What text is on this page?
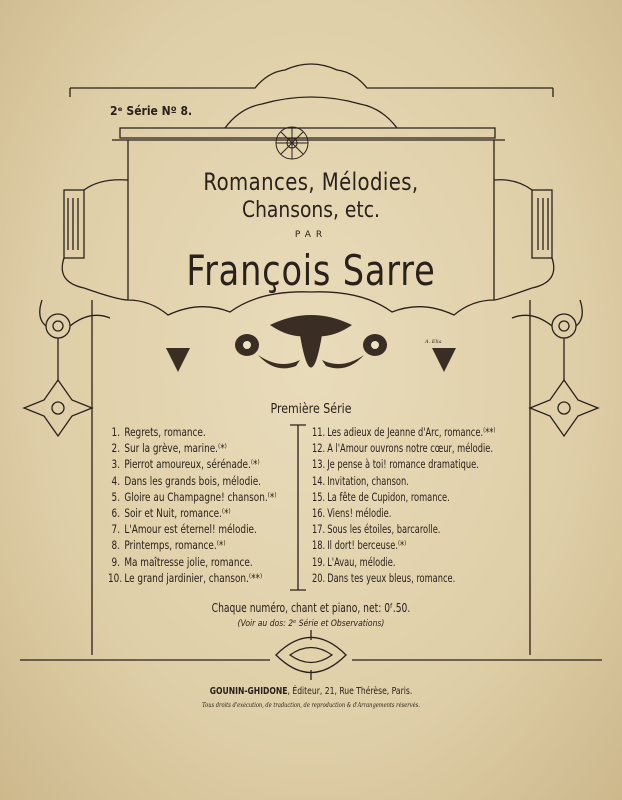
2ᵉ Série Nº 8.
Romances, Mélodies,
Chansons, etc.
PAR
François Sarre
A. Elia
Première Série
1. Regrets, romance.
2. Sur la grève, marine.⁽*⁾
3. Pierrot amoureux, sérénade.⁽*⁾
4. Dans les grands bois, mélodie.
5. Gloire au Champagne! chanson.⁽*⁾
6. Soir et Nuit, romance.⁽*⁾
7. L'Amour est éternel! mélodie.
8. Printemps, romance.⁽*⁾
9. Ma maîtresse jolie, romance.
10. Le grand jardinier, chanson.⁽**⁾
11. Les adieux de Jeanne d'Arc, romance.⁽**⁾
12. A l'Amour ouvrons notre cœur, mélodie.
13. Je pense à toi! romance dramatique.
14. Invitation, chanson.
15. La fête de Cupidon, romance.
16. Viens! mélodie.
17. Sous les étoiles, barcarolle.
18. Il dort! berceuse.⁽*⁾
19. L'Avau, mélodie.
20. Dans tes yeux bleus, romance.
Chaque numéro, chant et piano, net: 0ᶠ.50.
(Voir au dos: 2ᵉ Série et Observations)
GOUNIN-GHIDONE, Éditeur, 21, Rue Thérèse, Paris.
Tous droits d'exécution, de traduction, de reproduction & d'Arrangements réservés.
